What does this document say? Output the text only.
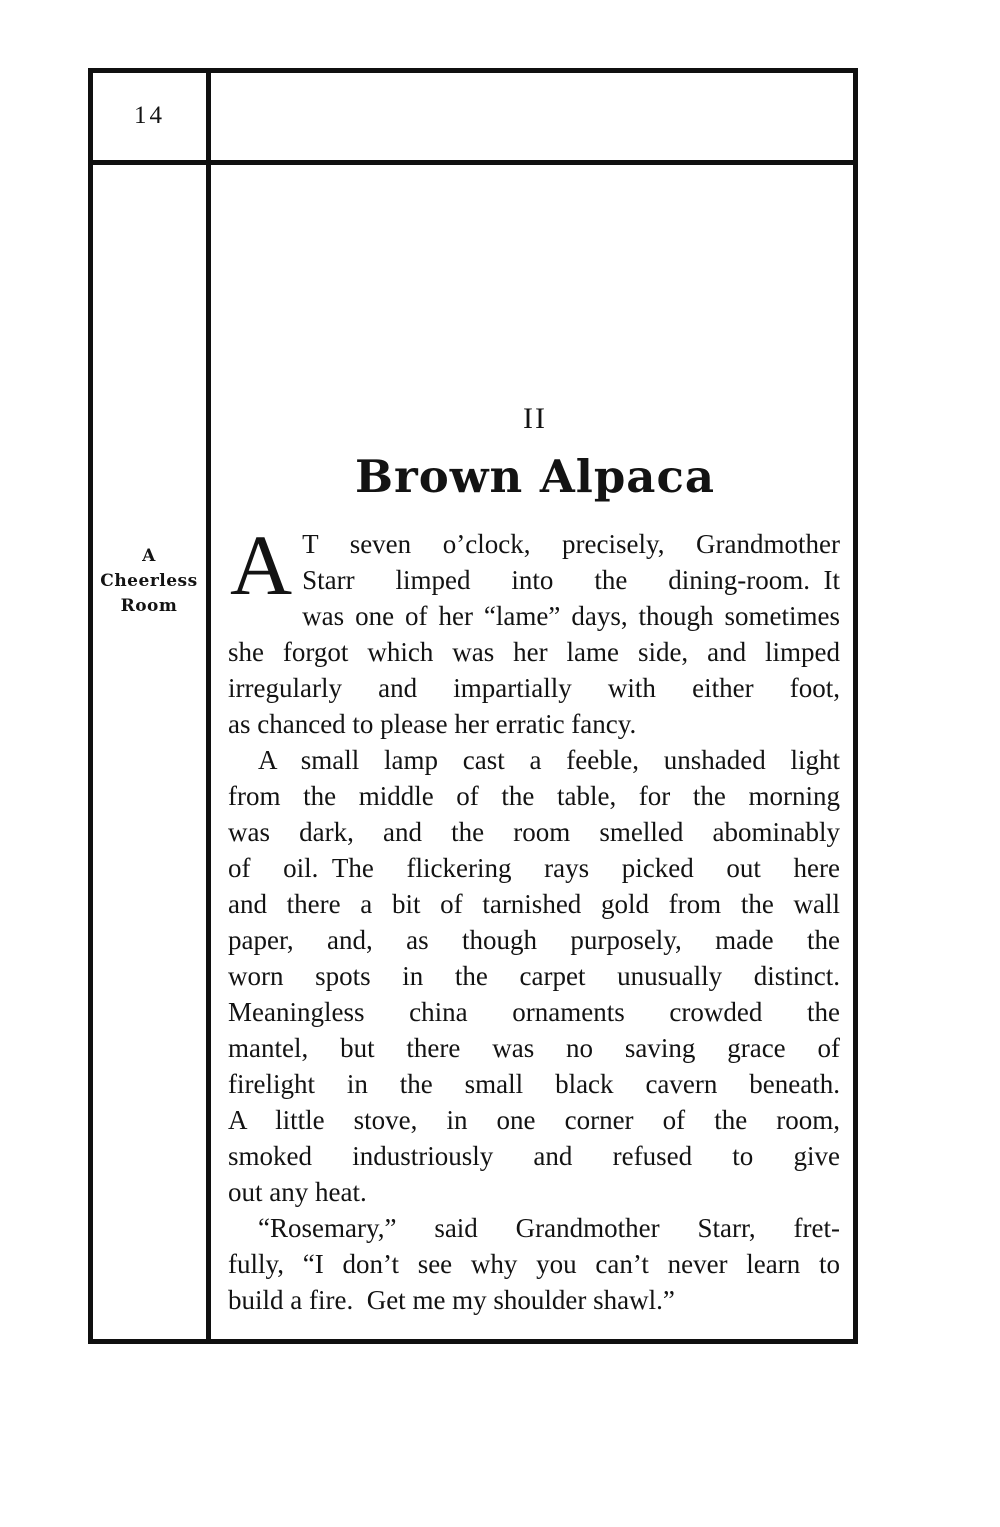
14
A
Cheerless
Room
II
Brown Alpaca
A T seven o’clock, precisely, Grandmother
Starr limped into the dining-room. It
was one of her “lame” days, though sometimes
she forgot which was her lame side, and limped
irregularly and impartially with either foot,
as chanced to please her erratic fancy.
A small lamp cast a feeble, unshaded light
from the middle of the table, for the morning
was dark, and the room smelled abominably
of oil. The flickering rays picked out here
and there a bit of tarnished gold from the wall
paper, and, as though purposely, made the
worn spots in the carpet unusually distinct.
Meaningless china ornaments crowded the
mantel, but there was no saving grace of
firelight in the small black cavern beneath.
A little stove, in one corner of the room,
smoked industriously and refused to give
out any heat.
“Rosemary,” said Grandmother Starr, fret-
fully, “I don’t see why you can’t never learn to
build a fire. Get me my shoulder shawl.”
